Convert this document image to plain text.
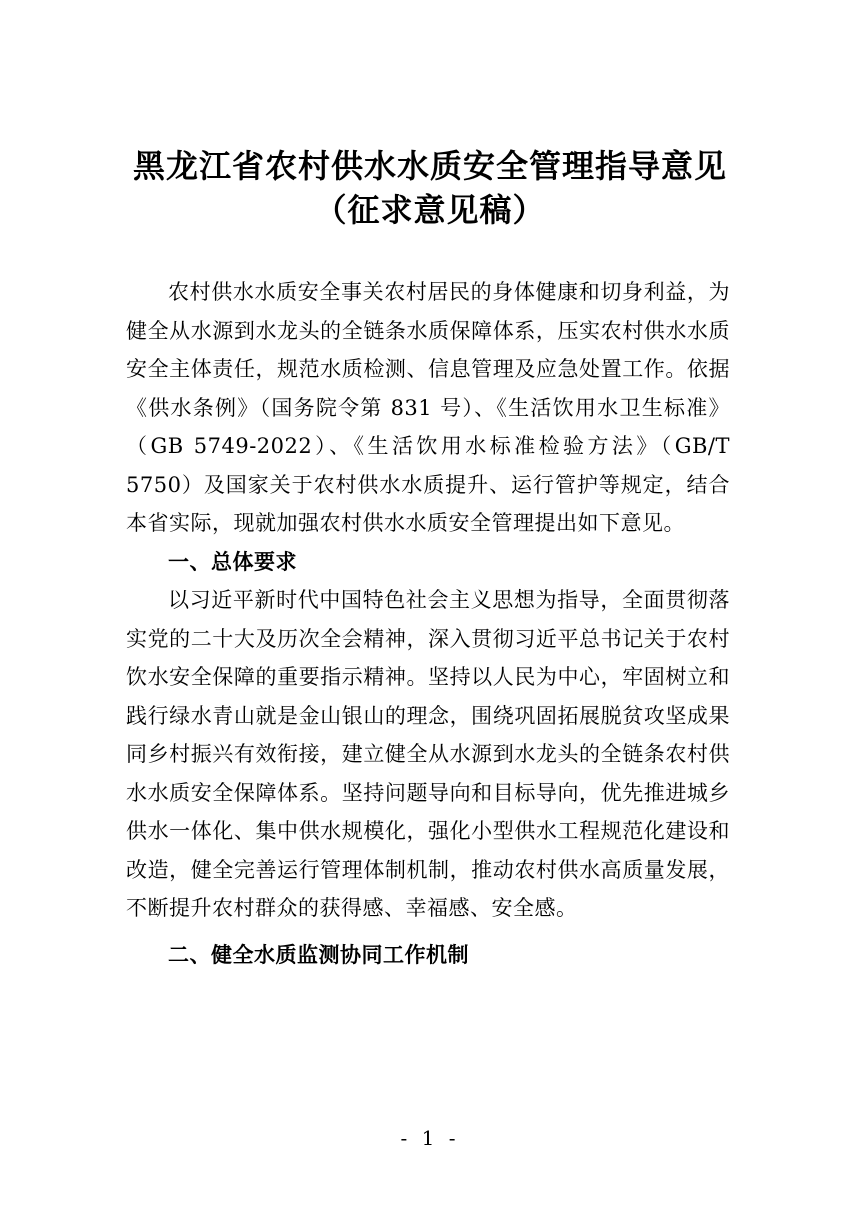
黑龙江省农村供水水质安全管理指导意见
（征求意见稿）

农村供水水质安全事关农村居民的身体健康和切身利益，为健全从水源到水龙头的全链条水质保障体系，压实农村供水水质安全主体责任，规范水质检测、信息管理及应急处置工作。依据《供水条例》（国务院令第 831 号）、《生活饮用水卫生标准》（GB 5749-2022）、《生活饮用水标准检验方法》（GB/T 5750）及国家关于农村供水水质提升、运行管护等规定，结合本省实际，现就加强农村供水水质安全管理提出如下意见。

一、总体要求

以习近平新时代中国特色社会主义思想为指导，全面贯彻落实党的二十大及历次全会精神，深入贯彻习近平总书记关于农村饮水安全保障的重要指示精神。坚持以人民为中心，牢固树立和践行绿水青山就是金山银山的理念，围绕巩固拓展脱贫攻坚成果同乡村振兴有效衔接，建立健全从水源到水龙头的全链条农村供水水质安全保障体系。坚持问题导向和目标导向，优先推进城乡供水一体化、集中供水规模化，强化小型供水工程规范化建设和改造，健全完善运行管理体制机制，推动农村供水高质量发展，不断提升农村群众的获得感、幸福感、安全感。

二、健全水质监测协同工作机制

- 1 -
